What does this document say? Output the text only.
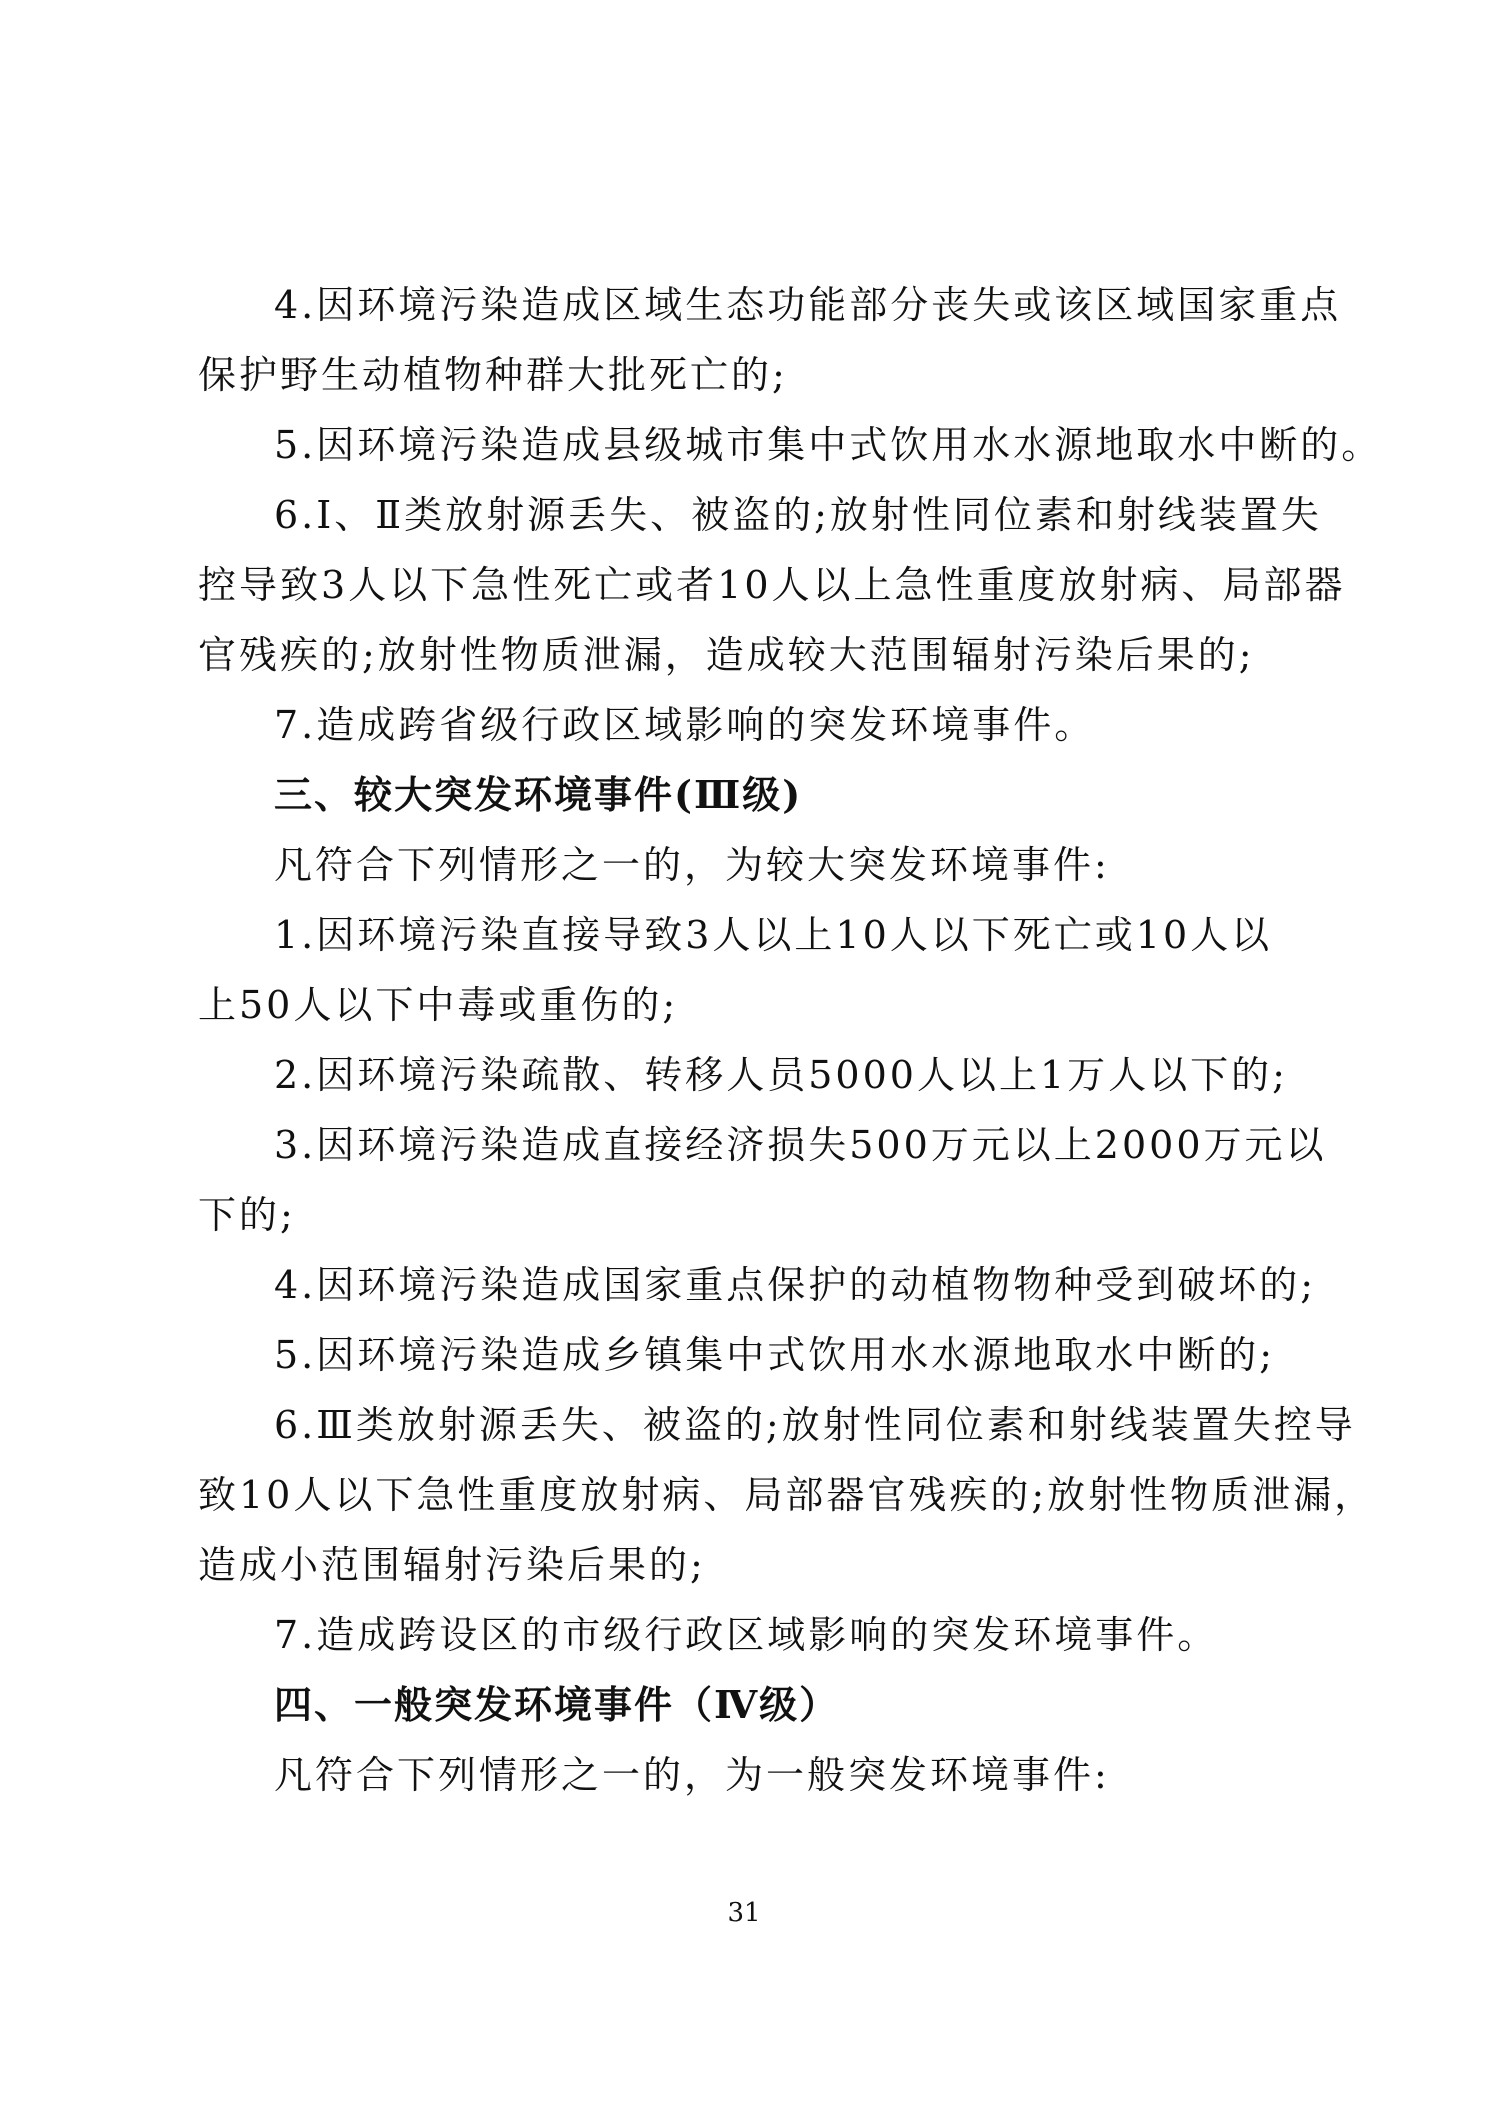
4.因环境污染造成区域生态功能部分丧失或该区域国家重点
保护野生动植物种群大批死亡的;
5.因环境污染造成县级城市集中式饮用水水源地取水中断的。
6.Ⅰ、Ⅱ类放射源丢失、被盗的;放射性同位素和射线装置失
控导致3人以下急性死亡或者10人以上急性重度放射病、局部器
官残疾的;放射性物质泄漏，造成较大范围辐射污染后果的;
7.造成跨省级行政区域影响的突发环境事件。
三、较大突发环境事件(Ⅲ级)
凡符合下列情形之一的，为较大突发环境事件:
1.因环境污染直接导致3人以上10人以下死亡或10人以
上50人以下中毒或重伤的;
2.因环境污染疏散、转移人员5000人以上1万人以下的;
3.因环境污染造成直接经济损失500万元以上2000万元以
下的;
4.因环境污染造成国家重点保护的动植物物种受到破坏的;
5.因环境污染造成乡镇集中式饮用水水源地取水中断的;
6.Ⅲ类放射源丢失、被盗的;放射性同位素和射线装置失控导
致10人以下急性重度放射病、局部器官残疾的;放射性物质泄漏，
造成小范围辐射污染后果的;
7.造成跨设区的市级行政区域影响的突发环境事件。
四、一般突发环境事件（Ⅳ级）
凡符合下列情形之一的，为一般突发环境事件:
31
